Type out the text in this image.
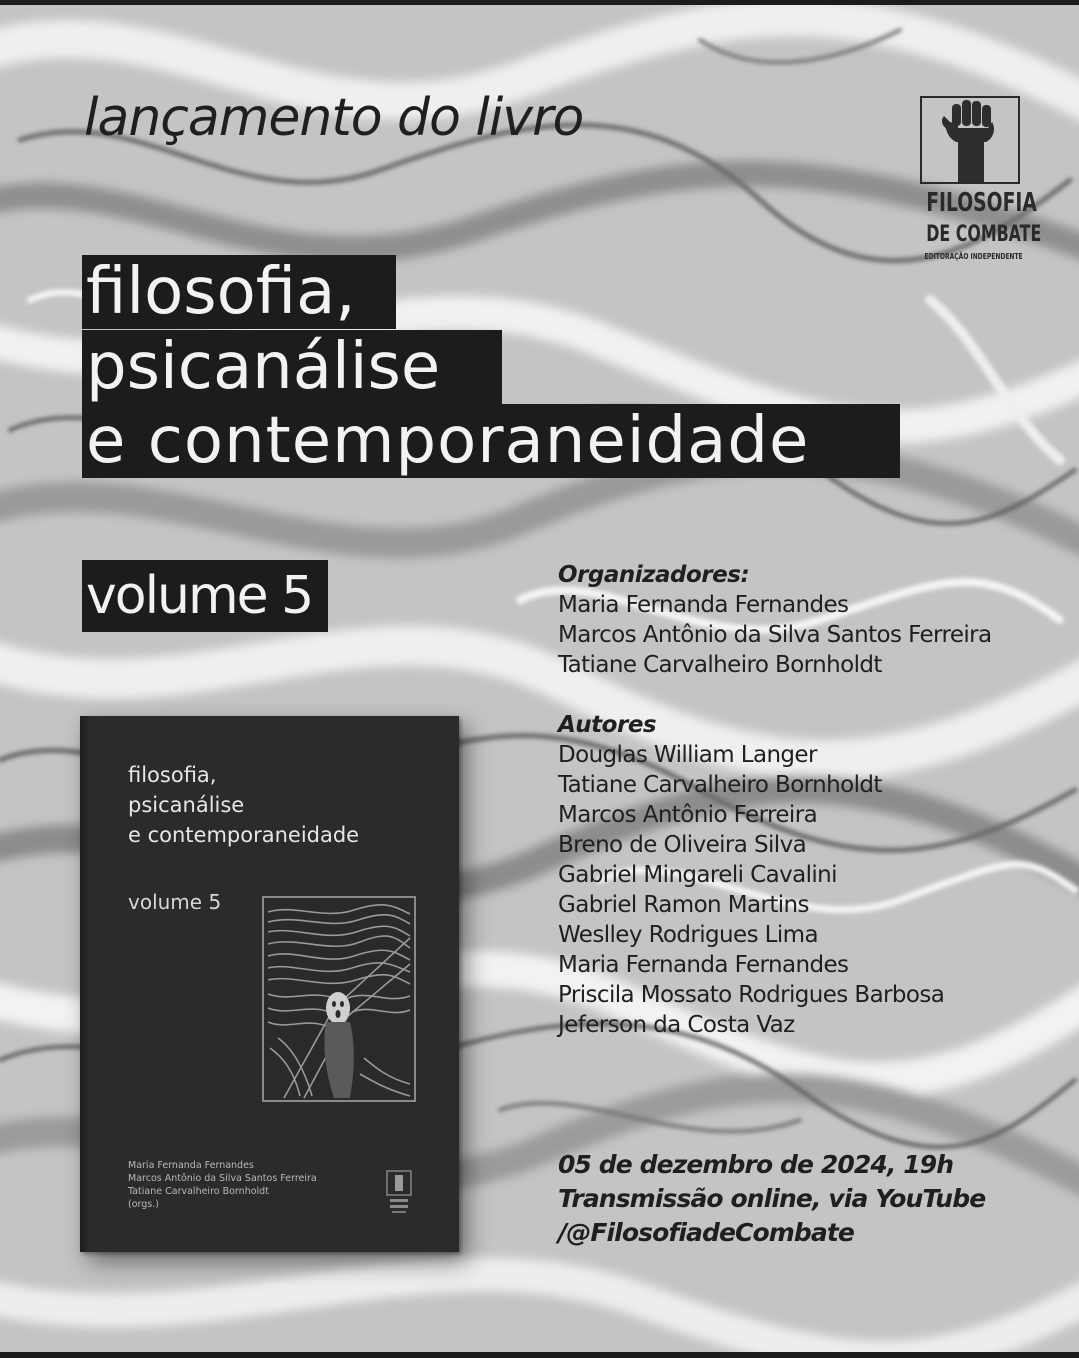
lançamento do livro
filosofia,
psicanálise
e contemporaneidade
volume 5
FILOSOFIA
DE COMBATE
EDITORAÇÃO INDEPENDENTE
Organizadores:
Maria Fernanda Fernandes
Marcos Antônio da Silva Santos Ferreira
Tatiane Carvalheiro Bornholdt
Autores
Douglas William Langer
Tatiane Carvalheiro Bornholdt
Marcos Antônio Ferreira
Breno de Oliveira Silva
Gabriel Mingareli Cavalini
Gabriel Ramon Martins
Weslley Rodrigues Lima
Maria Fernanda Fernandes
Priscila Mossato Rodrigues Barbosa
Jeferson da Costa Vaz
05 de dezembro de 2024, 19h
Transmissão online, via YouTube
/@FilosofiadeCombate
filosofia,
psicanálise
e contemporaneidade
volume 5
Maria Fernanda Fernandes
Marcos Antônio da Silva Santos Ferreira
Tatiane Carvalheiro Bornholdt
(orgs.)
